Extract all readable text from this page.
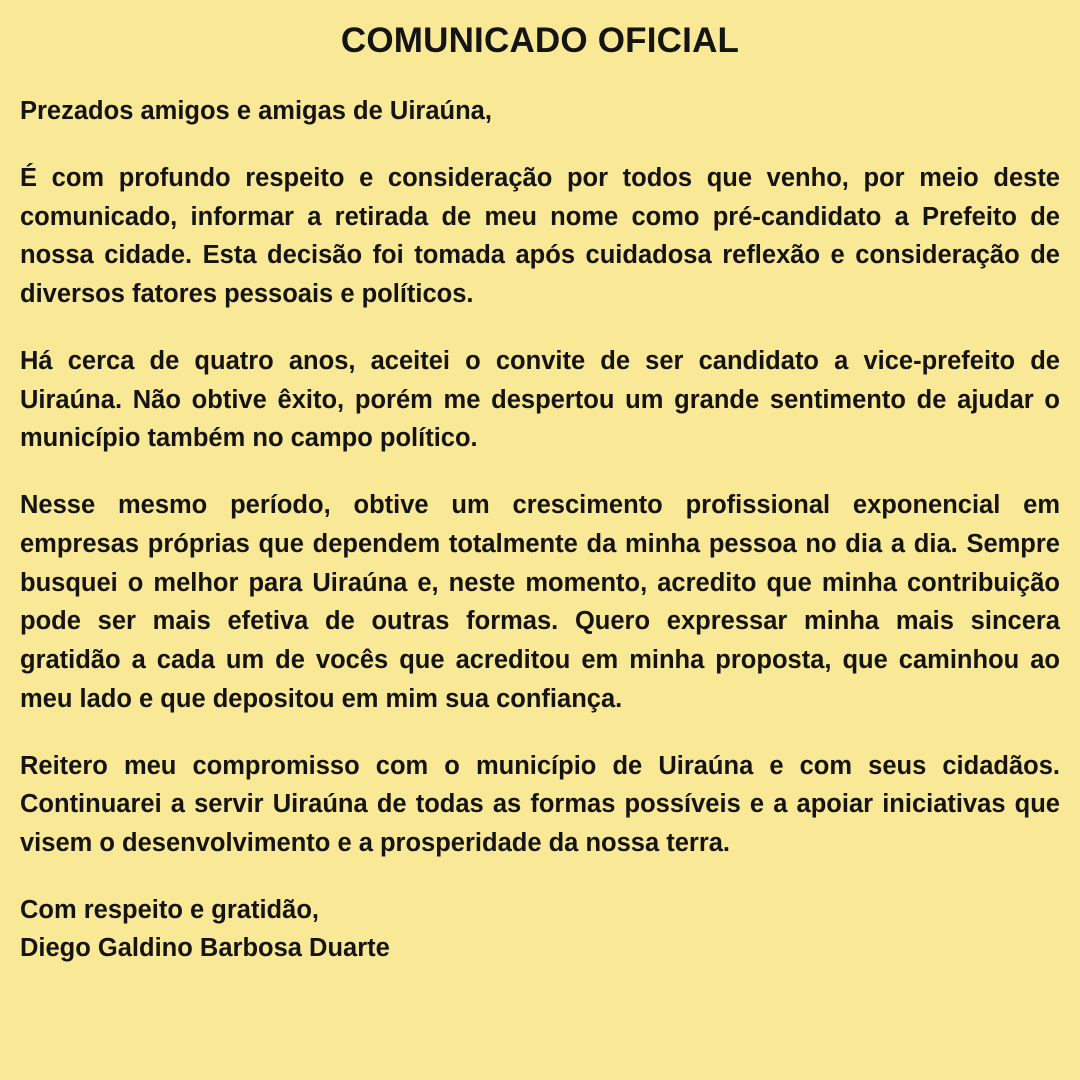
COMUNICADO OFICIAL

Prezados amigos e amigas de Uiraúna,

É com profundo respeito e consideração por todos que venho, por meio deste comunicado, informar a retirada de meu nome como pré-candidato a Prefeito de nossa cidade. Esta decisão foi tomada após cuidadosa reflexão e consideração de diversos fatores pessoais e políticos.

Há cerca de quatro anos, aceitei o convite de ser candidato a vice-prefeito de Uiraúna. Não obtive êxito, porém me despertou um grande sentimento de ajudar o município também no campo político.

Nesse mesmo período, obtive um crescimento profissional exponencial em empresas próprias que dependem totalmente da minha pessoa no dia a dia. Sempre busquei o melhor para Uiraúna e, neste momento, acredito que minha contribuição pode ser mais efetiva de outras formas. Quero expressar minha mais sincera gratidão a cada um de vocês que acreditou em minha proposta, que caminhou ao meu lado e que depositou em mim sua confiança.

Reitero meu compromisso com o município de Uiraúna e com seus cidadãos. Continuarei a servir Uiraúna de todas as formas possíveis e a apoiar iniciativas que visem o desenvolvimento e a prosperidade da nossa terra.

Com respeito e gratidão,
Diego Galdino Barbosa Duarte
